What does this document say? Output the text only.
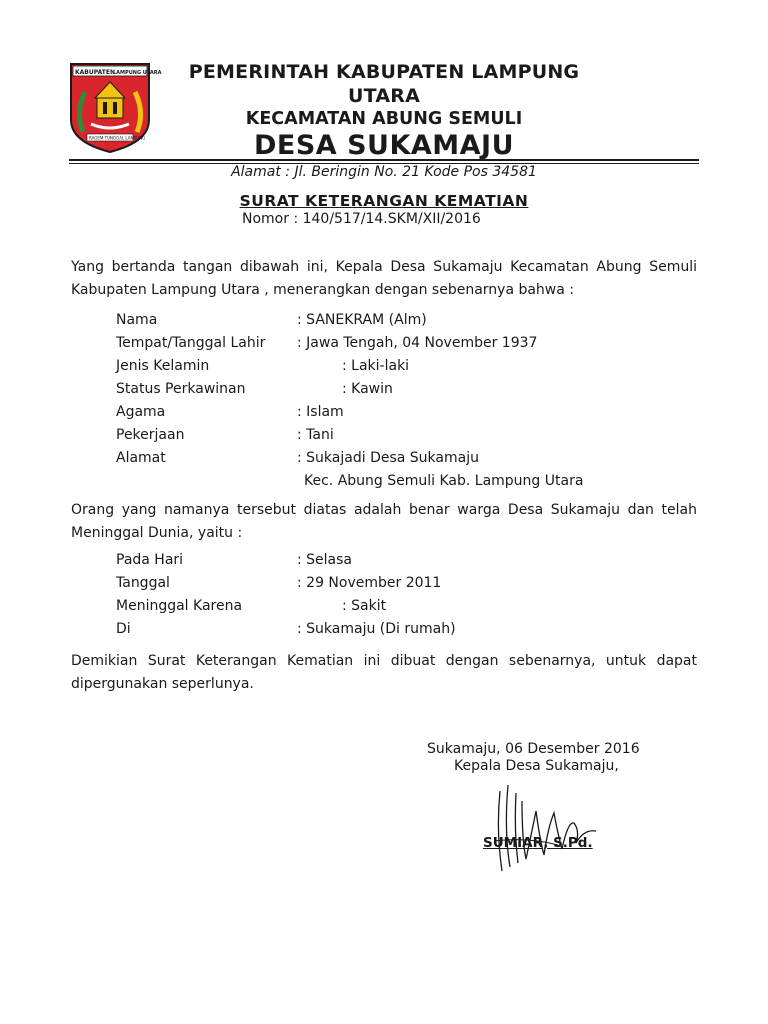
KABUPATEN
LAMPUNG UTARA
RAGEM TUNGGAL LAMPUNG
PEMERINTAH KABUPATEN LAMPUNG UTARA
KECAMATAN ABUNG SEMULI
DESA SUKAMAJU
Alamat : Jl. Beringin No. 21 Kode Pos 34581
SURAT KETERANGAN KEMATIAN
Nomor : 140/517/14.SKM/XII/2016
Yang bertanda tangan dibawah ini, Kepala Desa Sukamaju Kecamatan Abung Semuli Kabupaten Lampung Utara , menerangkan dengan sebenarnya bahwa :
Nama	: SANEKRAM (Alm)
Tempat/Tanggal Lahir : Jawa Tengah, 04 November 1937
Jenis Kelamin	: Laki-laki
Status Perkawinan	: Kawin
Agama	: Islam
Pekerjaan	: Tani
Alamat	: Sukajadi Desa Sukamaju
Kec. Abung Semuli Kab. Lampung Utara
Orang yang namanya tersebut diatas adalah benar warga Desa Sukamaju dan telah Meninggal Dunia, yaitu :
Pada Hari	: Selasa
Tanggal	: 29 November 2011
Meninggal Karena	: Sakit
Di	: Sukamaju (Di rumah)
Demikian Surat Keterangan Kematian ini dibuat dengan sebenarnya, untuk dapat dipergunakan seperlunya.
Sukamaju, 06 Desember 2016
Kepala Desa Sukamaju,
SUMIAR, S.Pd.
